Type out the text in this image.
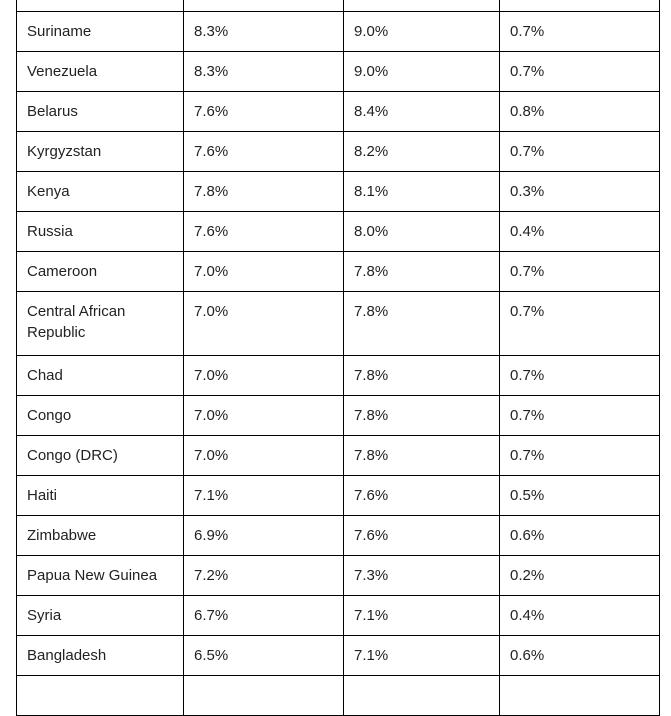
Suriname	8.3%	9.0%	0.7%
Venezuela	8.3%	9.0%	0.7%
Belarus	7.6%	8.4%	0.8%
Kyrgyzstan	7.6%	8.2%	0.7%
Kenya	7.8%	8.1%	0.3%
Russia	7.6%	8.0%	0.4%
Cameroon	7.0%	7.8%	0.7%
Central African Republic	7.0%	7.8%	0.7%
Chad	7.0%	7.8%	0.7%
Congo	7.0%	7.8%	0.7%
Congo (DRC)	7.0%	7.8%	0.7%
Haiti	7.1%	7.6%	0.5%
Zimbabwe	6.9%	7.6%	0.6%
Papua New Guinea	7.2%	7.3%	0.2%
Syria	6.7%	7.1%	0.4%
Bangladesh	6.5%	7.1%	0.6%
